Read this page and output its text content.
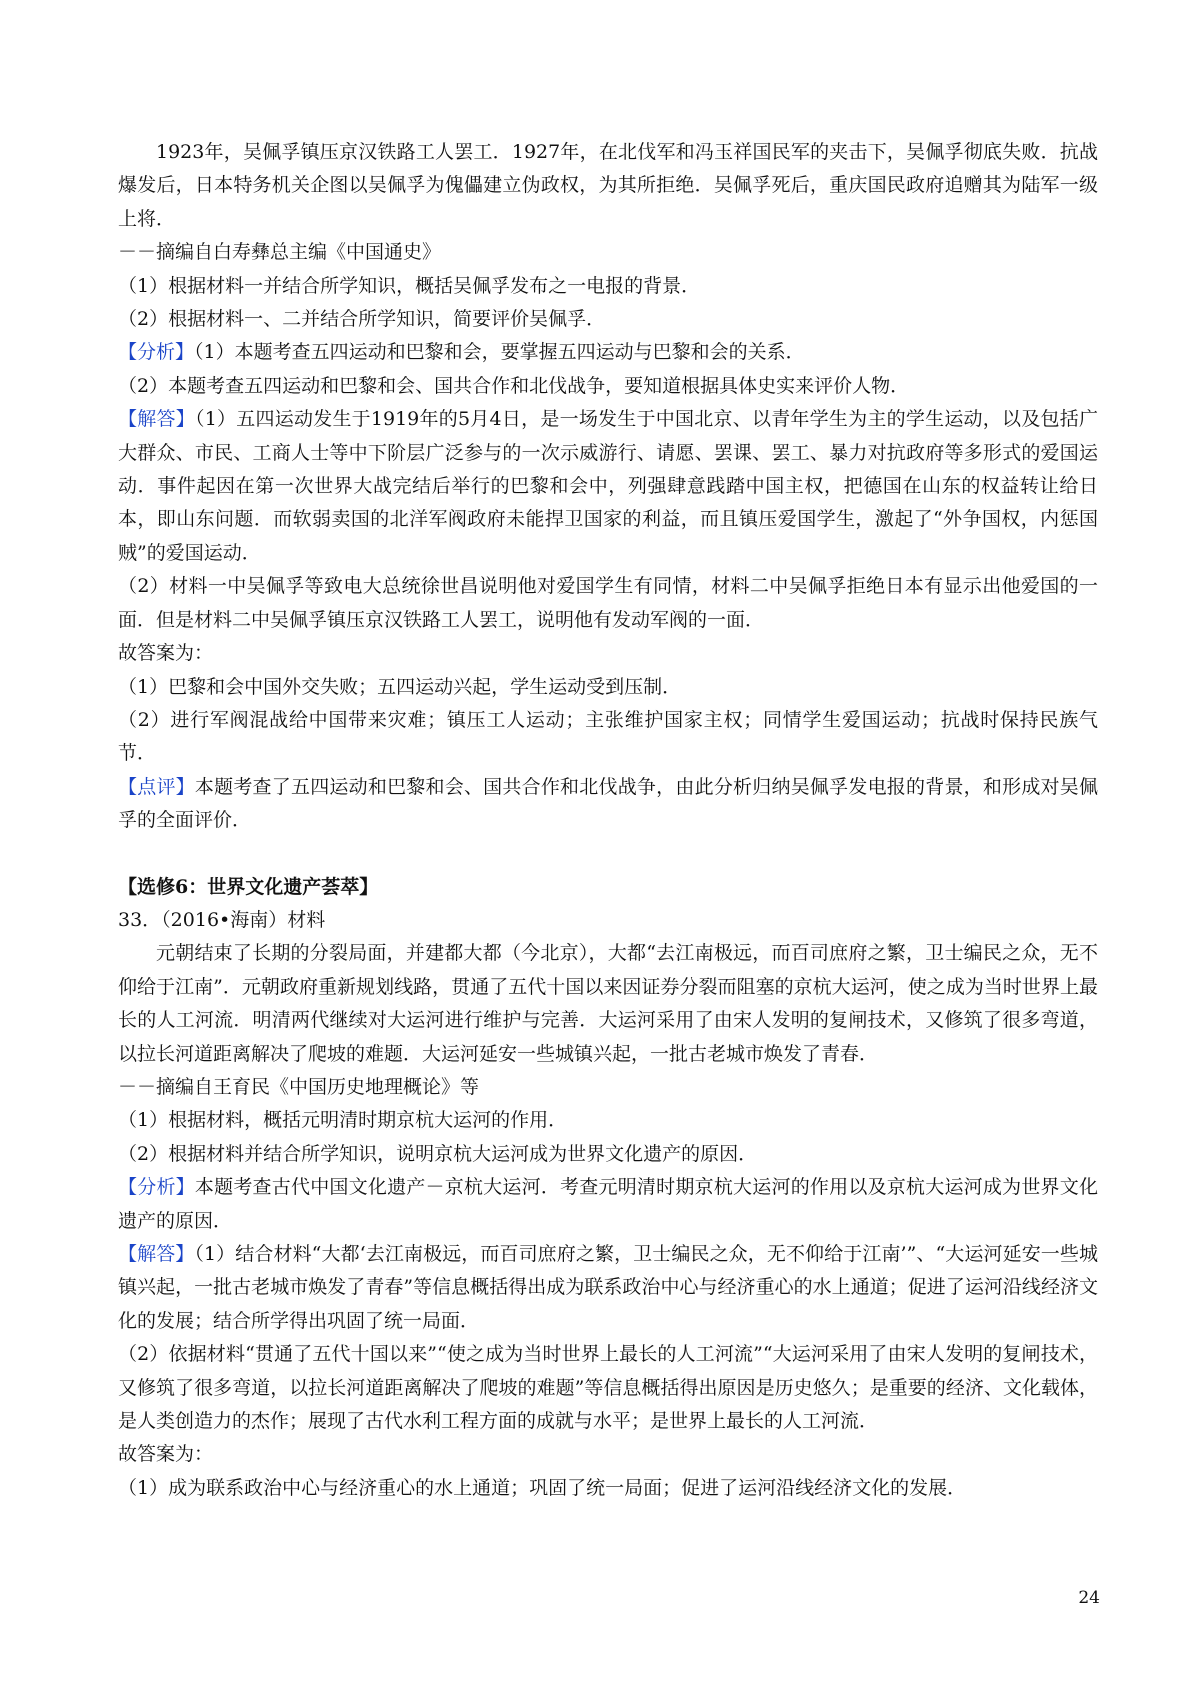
1923年，吴佩孚镇压京汉铁路工人罢工．1927年，在北伐军和冯玉祥国民军的夹击下，吴佩孚彻底失败．抗战爆发后，日本特务机关企图以吴佩孚为傀儡建立伪政权，为其所拒绝．吴佩孚死后，重庆国民政府追赠其为陆军一级上将．

－－摘编自白寿彝总主编《中国通史》

（1）根据材料一并结合所学知识，概括吴佩孚发布之一电报的背景．

（2）根据材料一、二并结合所学知识，简要评价吴佩孚．

【分析】（1）本题考查五四运动和巴黎和会，要掌握五四运动与巴黎和会的关系．

（2）本题考查五四运动和巴黎和会、国共合作和北伐战争，要知道根据具体史实来评价人物．

【解答】（1）五四运动发生于1919年的5月4日，是一场发生于中国北京、以青年学生为主的学生运动，以及包括广大群众、市民、工商人士等中下阶层广泛参与的一次示威游行、请愿、罢课、罢工、暴力对抗政府等多形式的爱国运动．事件起因在第一次世界大战完结后举行的巴黎和会中，列强肆意践踏中国主权，把德国在山东的权益转让给日本，即山东问题．而软弱卖国的北洋军阀政府未能捍卫国家的利益，而且镇压爱国学生，激起了“外争国权，内惩国贼”的爱国运动．

（2）材料一中吴佩孚等致电大总统徐世昌说明他对爱国学生有同情，材料二中吴佩孚拒绝日本有显示出他爱国的一面．但是材料二中吴佩孚镇压京汉铁路工人罢工，说明他有发动军阀的一面．

故答案为：

（1）巴黎和会中国外交失败；五四运动兴起，学生运动受到压制．

（2）进行军阀混战给中国带来灾难；镇压工人运动；主张维护国家主权；同情学生爱国运动；抗战时保持民族气节．

【点评】本题考查了五四运动和巴黎和会、国共合作和北伐战争，由此分析归纳吴佩孚发电报的背景，和形成对吴佩孚的全面评价．

【选修6：世界文化遗产荟萃】

33．（2016•海南）材料

元朝结束了长期的分裂局面，并建都大都（今北京），大都“去江南极远，而百司庶府之繁，卫士编民之众，无不仰给于江南”．元朝政府重新规划线路，贯通了五代十国以来因证券分裂而阻塞的京杭大运河，使之成为当时世界上最长的人工河流．明清两代继续对大运河进行维护与完善．大运河采用了由宋人发明的复闸技术，又修筑了很多弯道，以拉长河道距离解决了爬坡的难题．大运河延安一些城镇兴起，一批古老城市焕发了青春．

－－摘编自王育民《中国历史地理概论》等

（1）根据材料，概括元明清时期京杭大运河的作用．

（2）根据材料并结合所学知识，说明京杭大运河成为世界文化遗产的原因．

【分析】本题考查古代中国文化遗产－京杭大运河．考查元明清时期京杭大运河的作用以及京杭大运河成为世界文化遗产的原因．

【解答】（1）结合材料“大都‘去江南极远，而百司庶府之繁，卫士编民之众，无不仰给于江南’”、“大运河延安一些城镇兴起，一批古老城市焕发了青春”等信息概括得出成为联系政治中心与经济重心的水上通道；促进了运河沿线经济文化的发展；结合所学得出巩固了统一局面．

（2）依据材料“贯通了五代十国以来”“使之成为当时世界上最长的人工河流”“大运河采用了由宋人发明的复闸技术，又修筑了很多弯道，以拉长河道距离解决了爬坡的难题”等信息概括得出原因是历史悠久；是重要的经济、文化载体，是人类创造力的杰作；展现了古代水利工程方面的成就与水平；是世界上最长的人工河流．

故答案为：

（1）成为联系政治中心与经济重心的水上通道；巩固了统一局面；促进了运河沿线经济文化的发展．

24
